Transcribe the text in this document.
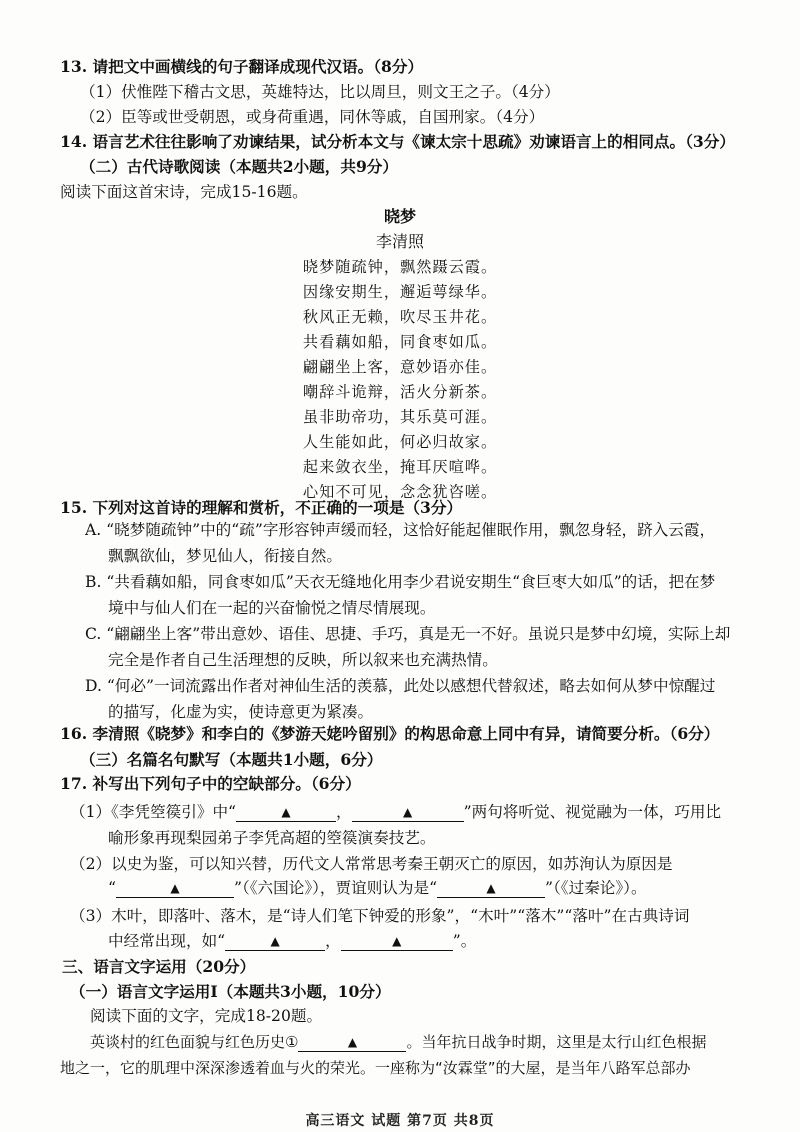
13. 请把文中画横线的句子翻译成现代汉语。（8分）
（1）伏惟陛下稽古文思，英雄特达，比以周旦，则文王之子。（4分）
（2）臣等或世受朝恩，或身荷重遇，同休等戚，自国刑家。（4分）
14. 语言艺术往往影响了劝谏结果，试分析本文与《谏太宗十思疏》劝谏语言上的相同点。（3分）
（二）古代诗歌阅读（本题共2小题，共9分）
阅读下面这首宋诗，完成15-16题。
晓梦
李清照
晓梦随疏钟，飘然蹑云霞。
因缘安期生，邂逅萼绿华。
秋风正无赖，吹尽玉井花。
共看藕如船，同食枣如瓜。
翩翩坐上客，意妙语亦佳。
嘲辞斗诡辩，活火分新茶。
虽非助帝功，其乐莫可涯。
人生能如此，何必归故家。
起来敛衣坐，掩耳厌喧哗。
心知不可见，念念犹咨嗟。
15. 下列对这首诗的理解和赏析，不正确的一项是（3分）
A. “晓梦随疏钟”中的“疏”字形容钟声缓而轻，这恰好能起催眠作用，飘忽身轻，跻入云霞，
飘飘欲仙，梦见仙人，衔接自然。
B. “共看藕如船，同食枣如瓜”天衣无缝地化用李少君说安期生“食巨枣大如瓜”的话，把在梦
境中与仙人们在一起的兴奋愉悦之情尽情展现。
C. “翩翩坐上客”带出意妙、语佳、思捷、手巧，真是无一不好。虽说只是梦中幻境，实际上却
完全是作者自己生活理想的反映，所以叙来也充满热情。
D. “何必”一词流露出作者对神仙生活的羡慕，此处以感想代替叙述，略去如何从梦中惊醒过
的描写，化虚为实，使诗意更为紧凑。
16. 李清照《晓梦》和李白的《梦游天姥吟留别》的构思命意上同中有异，请简要分析。（6分）
（三）名篇名句默写（本题共1小题，6分）
17. 补写出下列句子中的空缺部分。（6分）
（1）《李凭箜篌引》中“	▲	，	▲	”两句将听觉、视觉融为一体，巧用比
喻形象再现梨园弟子李凭高超的箜篌演奏技艺。
（2）以史为鉴，可以知兴替，历代文人常常思考秦王朝灭亡的原因，如苏洵认为原因是
“	▲	”（《六国论》），贾谊则认为是“	▲	”（《过秦论》）。
（3）木叶，即落叶、落木，是“诗人们笔下钟爱的形象”，“木叶”“落木”“落叶”在古典诗词
中经常出现，如“	▲	，	▲	”。
三、语言文字运用（20分）
（一）语言文字运用Ⅰ（本题共3小题，10分）
阅读下面的文字，完成18-20题。
英谈村的红色面貌与红色历史①	▲	。当年抗日战争时期，这里是太行山红色根据
地之一，它的肌理中深深渗透着血与火的荣光。一座称为“汝霖堂”的大屋，是当年八路军总部办
高三语文 试题 第7页 共8页
